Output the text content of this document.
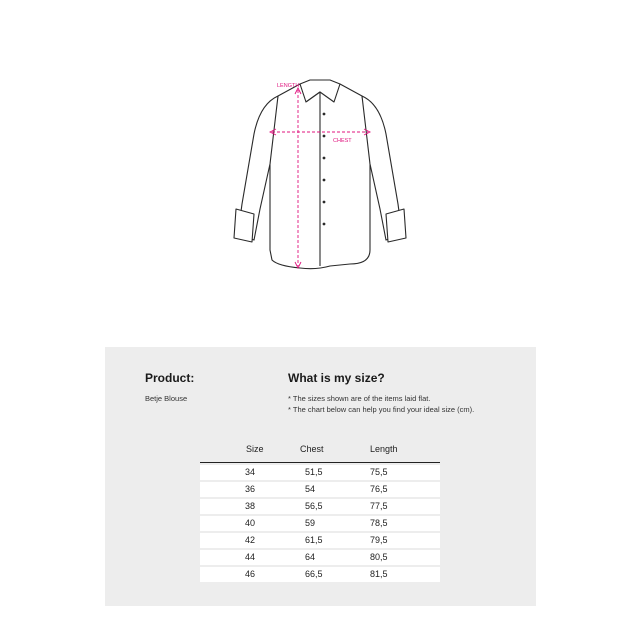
LENGTH
CHEST
Product:
Betje Blouse
What is my size?
* The sizes shown are of the items laid flat.
* The chart below can help you find your ideal size (cm).
Size	Chest	Length
34	51,5	75,5
36	54	76,5
38	56,5	77,5
40	59	78,5
42	61,5	79,5
44	64	80,5
46	66,5	81,5
